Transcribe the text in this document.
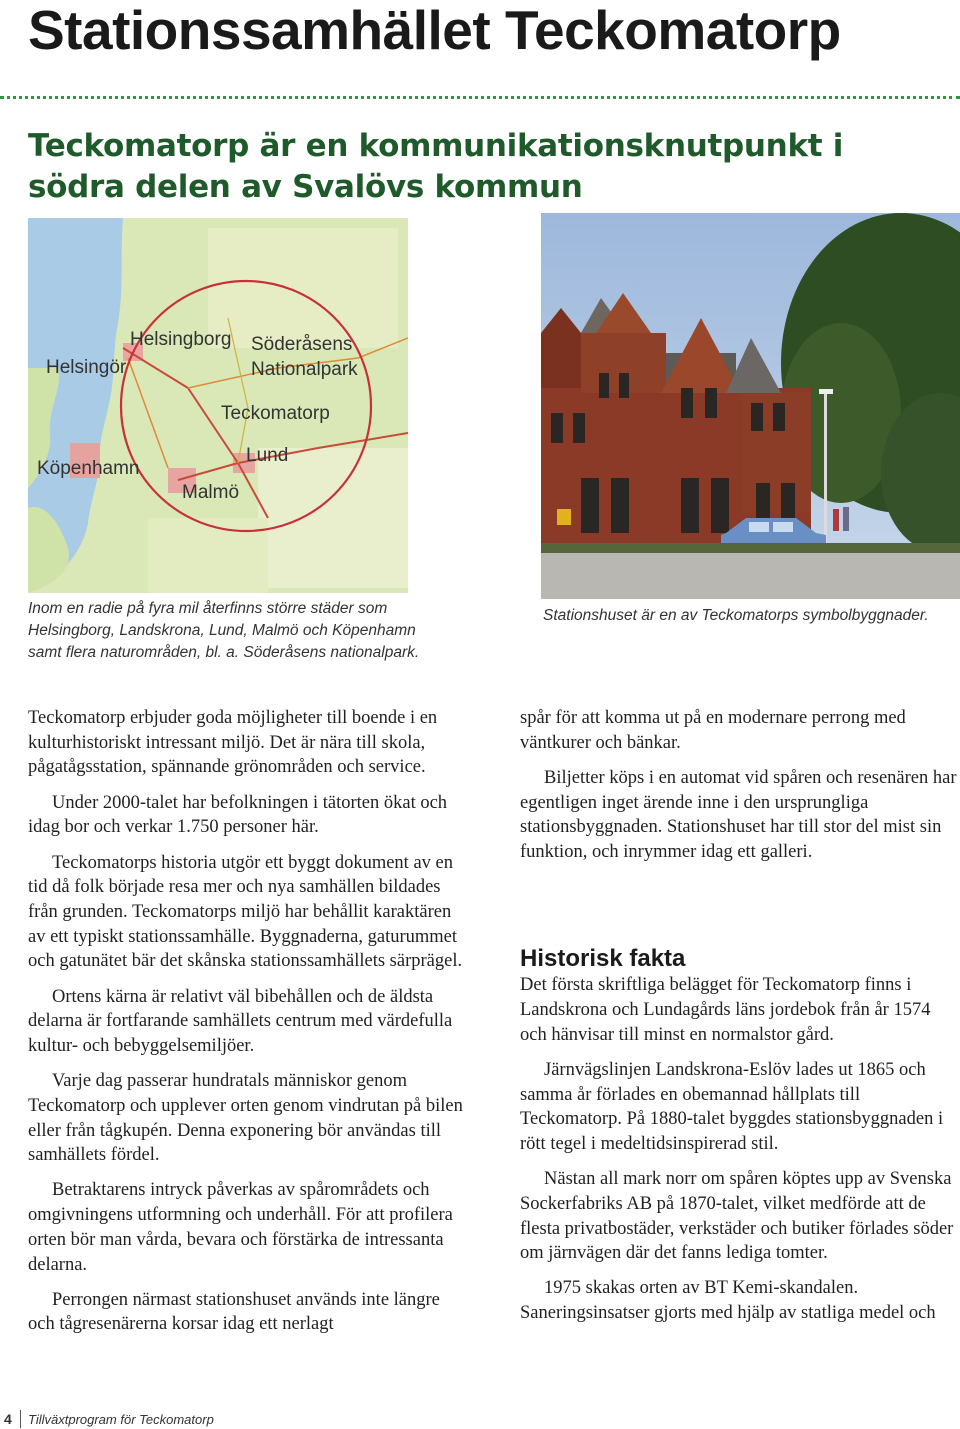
Stationssamhället Teckomatorp
Teckomatorp är en kommunikationsknutpunkt i södra delen av Svalövs kommun
Helsingör
Helsingborg Söderåsens
Nationalpark
Teckomatorp
Köpenhamn
Lund
Malmö

Inom en radie på fyra mil återfinns större städer som
Helsingborg, Landskrona, Lund, Malmö och Köpenhamn
samt flera naturområden, bl. a. Söderåsens nationalpark.

Stationshuset är en av Teckomatorps symbolbyggnader.

Teckomatorp erbjuder goda möjligheter till boende i en kulturhistoriskt intressant miljö. Det är nära till skola, pågatågsstation, spännande grönområden och service.

Under 2000-talet har befolkningen i tätorten ökat och idag bor och verkar 1.750 personer här.

Teckomatorps historia utgör ett byggt dokument av en tid då folk började resa mer och nya samhällen bildades från grunden. Teckomatorps miljö har behållit karaktären av ett typiskt stationssamhälle. Byggnaderna, gaturummet och gatunätet bär det skånska stationssamhällets särprägel.

Ortens kärna är relativt väl bibehållen och de äldsta delarna är fortfarande samhällets centrum med värdefulla kultur- och bebyggelsemiljöer.

Varje dag passerar hundratals människor genom Teckomatorp och upplever orten genom vindrutan på bilen eller från tågkupén. Denna exponering bör användas till samhällets fördel.

Betraktarens intryck påverkas av spårområdets och omgivningens utformning och underhåll. För att profilera orten bör man vårda, bevara och förstärka de intressanta delarna.

Perrongen närmast stationshuset används inte längre och tågresenärerna korsar idag ett nerlagt

spår för att komma ut på en modernare perrong med väntkurer och bänkar.

Biljetter köps i en automat vid spåren och resenären har egentligen inget ärende inne i den ursprungliga stationsbyggnaden. Stationshuset har till stor del mist sin funktion, och inrymmer idag ett galleri.

Historisk fakta

Det första skriftliga belägget för Teckomatorp finns i Landskrona och Lundagårds läns jordebok från år 1574 och hänvisar till minst en normalstor gård.

Järnvägslinjen Landskrona-Eslöv lades ut 1865 och samma år förlades en obemannad hållplats till Teckomatorp. På 1880-talet byggdes stationsbyggnaden i rött tegel i medeltidsinspirerad stil.

Nästan all mark norr om spåren köptes upp av Svenska Sockerfabriks AB på 1870-talet, vilket medförde att de flesta privatbostäder, verkstäder och butiker förlades söder om järnvägen där det fanns lediga tomter.

1975 skakas orten av BT Kemi-skandalen. Saneringsinsatser gjorts med hjälp av statliga medel och

4 Tillväxtprogram för Teckomatorp
